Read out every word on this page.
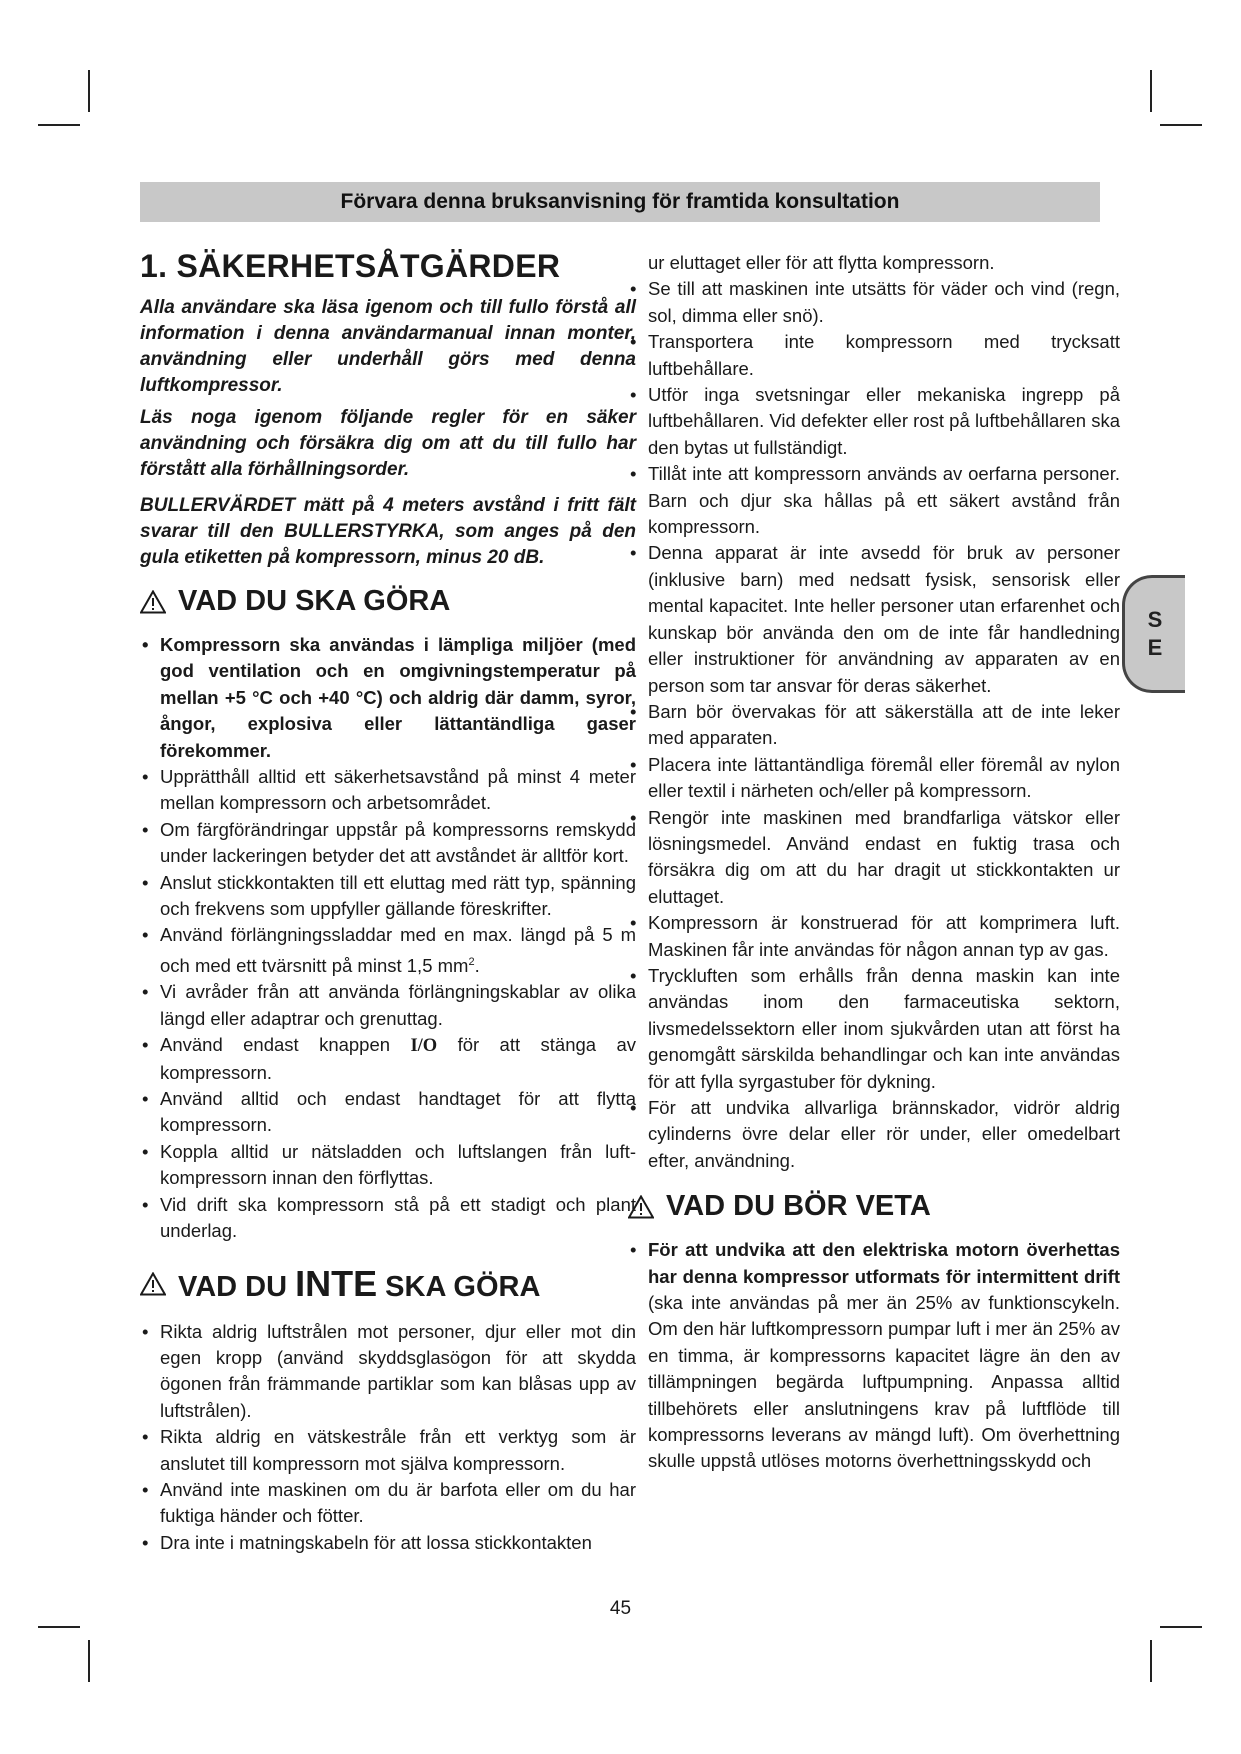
Förvara denna bruksanvisning för framtida konsultation
1. SÄKERHETSÅTGÄRDER

Alla användare ska läsa igenom och till fullo förstå all information i denna användarmanual innan monter, användning eller underhåll görs med denna luftkompressor.

Läs noga igenom följande regler för en säker användning och försäkra dig om att du till fullo har förstått alla förhållningsorder.

BULLERVÄRDET mätt på 4 meters avstånd i fritt fält svarar till den BULLERSTYRKA, som anges på den gula etiketten på kompressorn, minus 20 dB.

VAD DU SKA GÖRA
• Kompressorn ska användas i lämpliga miljöer (med god ventilation och en omgivningstemperatur på mellan +5 °C och +40 °C) och aldrig där damm, syror, ångor, explosiva eller lättantändliga gaser förekommer.
• Upprätthåll alltid ett säkerhetsavstånd på minst 4 meter mellan kompressorn och arbetsområdet.
• Om färgförändringar uppstår på kompressorns remskydd under lackeringen betyder det att avståndet är alltför kort.
• Anslut stickkontakten till ett eluttag med rätt typ, spänning och frekvens som uppfyller gällande föreskrifter.
• Använd förlängningssladdar med en max. längd på 5 m och med ett tvärsnitt på minst 1,5 $mm^2$.
• Vi avråder från att använda förlängningskablar av olika längd eller adaptrar och grenuttag.
• Använd endast knappen I/O för att stänga av kompressorn.
• Använd alltid och endast handtaget för att flytta kompressorn.
• Koppla alltid ur nätsladden och luftslangen från luft-kompressorn innan den förflyttas.
• Vid drift ska kompressorn stå på ett stadigt och plant underlag.
VAD DU INTE SKA GÖRA
• Rikta aldrig luftstrålen mot personer, djur eller mot din egen kropp (använd skyddsglasögon för att skydda ögonen från främmande partiklar som kan blåsas upp av luftstrålen).
• Rikta aldrig en vätskestråle från ett verktyg som är anslutet till kompressorn mot själva kompressorn.
• Använd inte maskinen om du är barfota eller om du har fuktiga händer och fötter.
• Dra inte i matningskabeln för att lossa stickkontakten
ur eluttaget eller för att flytta kompressorn.
• Se till att maskinen inte utsätts för väder och vind (regn, sol, dimma eller snö).
• Transportera inte kompressorn med trycksatt luftbehållare.
• Utför inga svetsningar eller mekaniska ingrepp på luftbehållaren. Vid defekter eller rost på luftbehållaren ska den bytas ut fullständigt.
• Tillåt inte att kompressorn används av oerfarna personer. Barn och djur ska hållas på ett säkert avstånd från kompressorn.
• Denna apparat är inte avsedd för bruk av personer (inklusive barn) med nedsatt fysisk, sensorisk eller mental kapacitet. Inte heller personer utan erfarenhet och kunskap bör använda den om de inte får handledning eller instruktioner för användning av apparaten av en person som tar ansvar för deras säkerhet.
• Barn bör övervakas för att säkerställa att de inte leker med apparaten.
• Placera inte lättantändliga föremål eller föremål av nylon eller textil i närheten och/eller på kompressorn.
• Rengör inte maskinen med brandfarliga vätskor eller lösningsmedel. Använd endast en fuktig trasa och försäkra dig om att du har dragit ut stickkontakten ur eluttaget.
• Kompressorn är konstruerad för att komprimera luft. Maskinen får inte användas för någon annan typ av gas.
• Tryckluften som erhålls från denna maskin kan inte användas inom den farmaceutiska sektorn, livsmedelssektorn eller inom sjukvården utan att först ha genomgått särskilda behandlingar och kan inte användas för att fylla syrgastuber för dykning.
• För att undvika allvarliga brännskador, vidrör aldrig cylinderns övre delar eller rör under, eller omedelbart efter, användning.
VAD DU BÖR VETA
• För att undvika att den elektriska motorn överhettas har denna kompressor utformats för intermittent drift (ska inte användas på mer än 25% av funktionscykeln. Om den här luftkompressorn pumpar luft i mer än 25% av en timma, är kompressorns kapacitet lägre än den av tillämpningen begärda luftpumpning. Anpassa alltid tillbehörets eller anslutningens krav på luftflöde till kompressorns leverans av mängd luft). Om överhettning skulle uppstå utlöses motorns överhettningsskydd och
S
E
45
